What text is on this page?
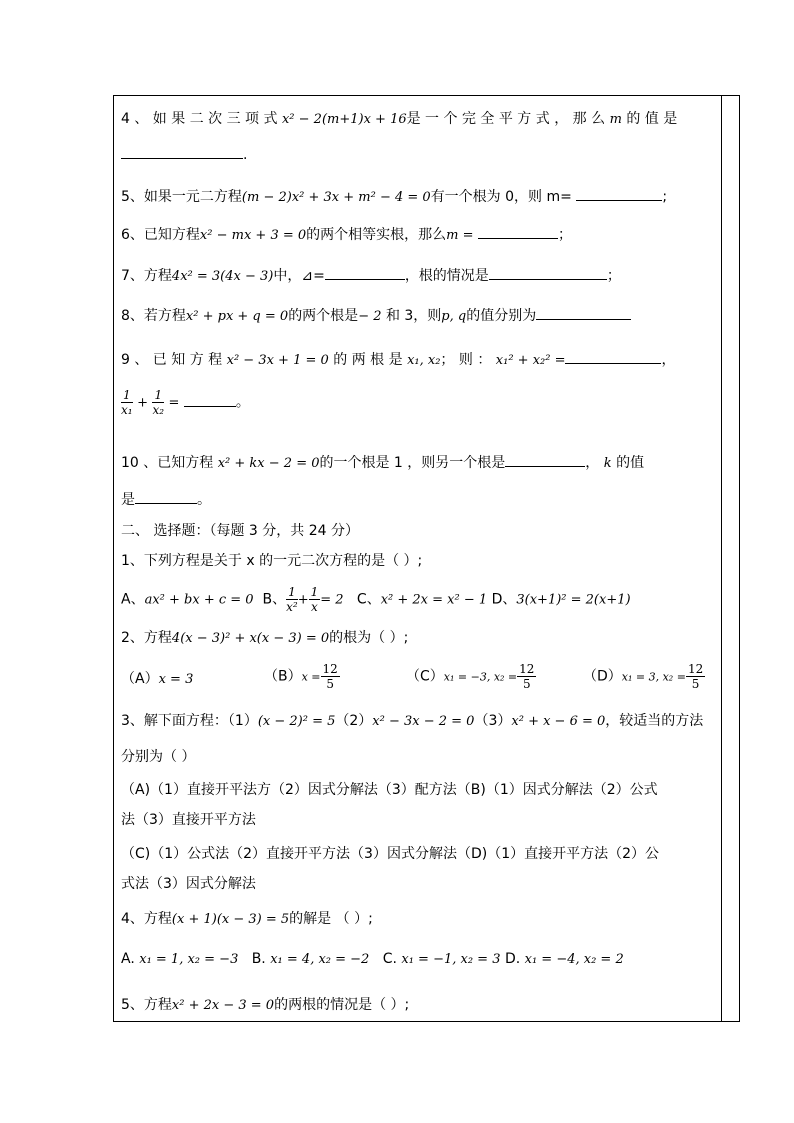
4 、 如 果 二 次 三 项 式 x² − 2(m+1)x + 16是 一 个 完 全 平 方 式 ， 那 么 m 的 值 是
.
5、如果一元二方程(m − 2)x² + 3x + m² − 4 = 0有一个根为 0，则 m=	;
6、已知方程x² − mx + 3 = 0的两个相等实根，那么m =	；
7、方程4x² = 3(4x − 3)中，⊿=	，根的情况是	；
8、若方程x² + px + q = 0的两个根是− 2 和 3，则p, q的值分别为
9 、 已 知 方 程 x² − 3x + 1 = 0 的 两 根 是 x₁, x₂； 则 ： x₁² + x₂² =	，
$\frac{1}{\text{x₁}} + \frac{1}{\text{x₂}}$ =	。
10 、已知方程 x² + kx − 2 = 0的一个根是 1 ，则另一个根是	， k 的值
是	。
二、 选择题：（每题 3 分，共 24 分）
1、下列方程是关于 x 的一元二次方程的是（ ）;
A、ax² + bx + c = 0 B、 $\frac{1}{\text{x²}} + \frac{1}{x} = 2$ C、x² + 2x = x² − 1 D、3(x+1)² = 2(x+1)
2、方程4(x − 3)² + x(x − 3) = 0的根为（ ）;
（A）x = 3	$(B)x = \frac{12}{5}$	（C）x₁ = −3, $x_2 = \frac{12}{5}$	（D）x₁ = 3, $x_2 = \frac{12}{5}$
3、解下面方程：（1）(x − 2)² = 5（2）x² − 3x − 2 = 0（3）x² + x − 6 = 0，较适当的方法
分别为（ ）
（A)（1）直接开平法方（2）因式分解法（3）配方法（B)（1）因式分解法（2）公式
法（3）直接开平方法
（C)（1）公式法（2）直接开平方法（3）因式分解法（D)（1）直接开平方法（2）公
式法（3）因式分解法
4、方程(x + 1)(x − 3) = 5的解是 （ ）;
A. x₁ = 1, x₂ = −3 B. x₁ = 4, x₂ = −2 C. x₁ = −1, x₂ = 3 D. x₁ = −4, x₂ = 2
5、方程x² + 2x − 3 = 0的两根的情况是（ ）;
